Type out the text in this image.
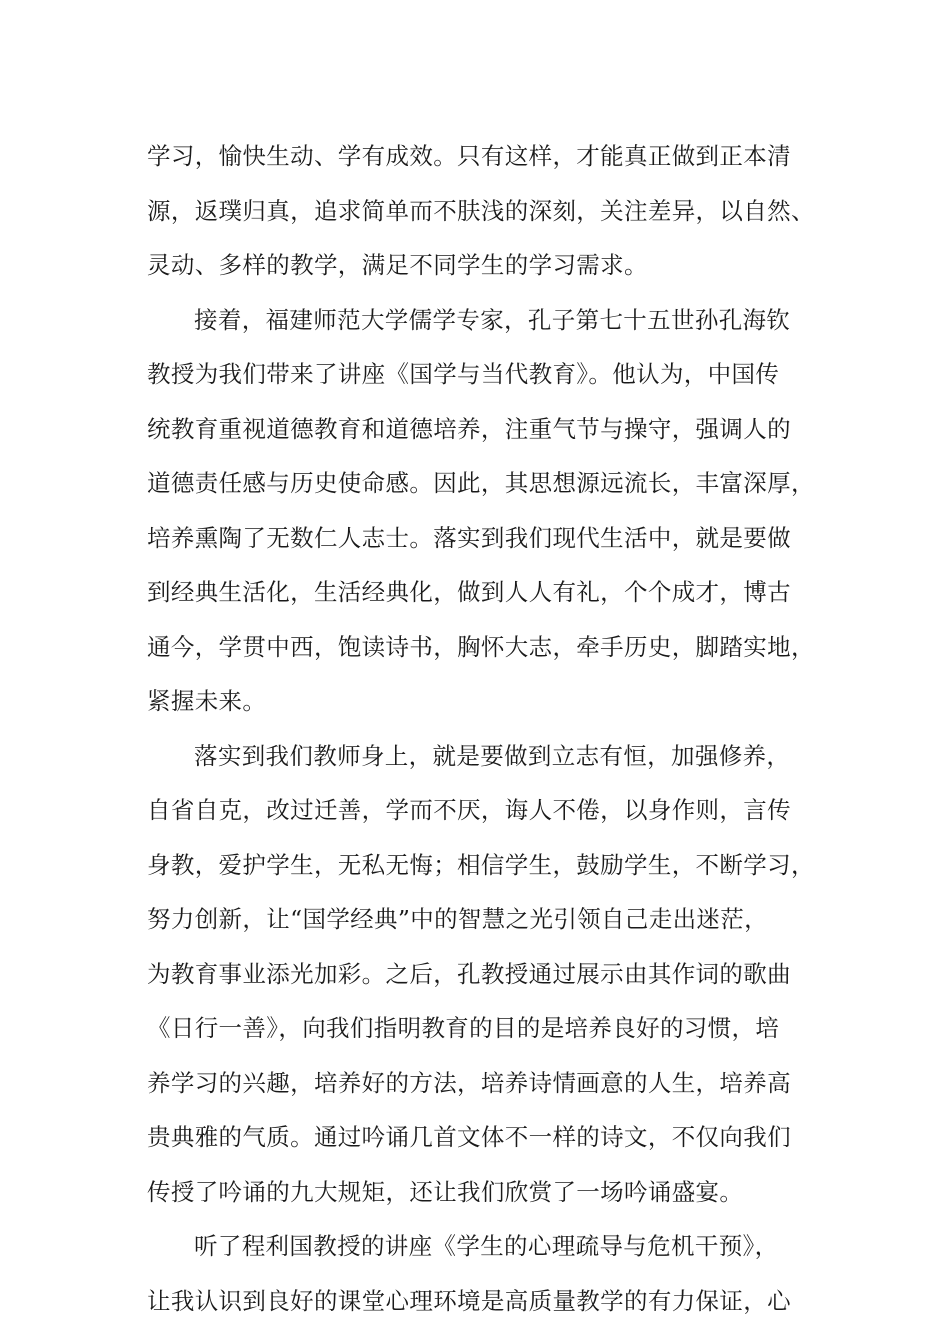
学习，愉快生动、学有成效。只有这样，才能真正做到正本清
源，返璞归真，追求简单而不肤浅的深刻，关注差异，以自然、
灵动、多样的教学，满足不同学生的学习需求。
接着，福建师范大学儒学专家，孔子第七十五世孙孔海钦
教授为我们带来了讲座《国学与当代教育》。他认为，中国传
统教育重视道德教育和道德培养，注重气节与操守，强调人的
道德责任感与历史使命感。因此，其思想源远流长，丰富深厚，
培养熏陶了无数仁人志士。落实到我们现代生活中，就是要做
到经典生活化，生活经典化，做到人人有礼，个个成才，博古
通今，学贯中西，饱读诗书，胸怀大志，牵手历史，脚踏实地，
紧握未来。
落实到我们教师身上，就是要做到立志有恒，加强修养，
自省自克，改过迁善，学而不厌，诲人不倦，以身作则，言传
身教，爱护学生，无私无悔；相信学生，鼓励学生，不断学习，
努力创新，让“国学经典”中的智慧之光引领自己走出迷茫，
为教育事业添光加彩。之后，孔教授通过展示由其作词的歌曲
《日行一善》，向我们指明教育的目的是培养良好的习惯，培
养学习的兴趣，培养好的方法，培养诗情画意的人生，培养高
贵典雅的气质。通过吟诵几首文体不一样的诗文，不仅向我们
传授了吟诵的九大规矩，还让我们欣赏了一场吟诵盛宴。
听了程利国教授的讲座《学生的心理疏导与危机干预》，
让我认识到良好的课堂心理环境是高质量教学的有力保证，心
